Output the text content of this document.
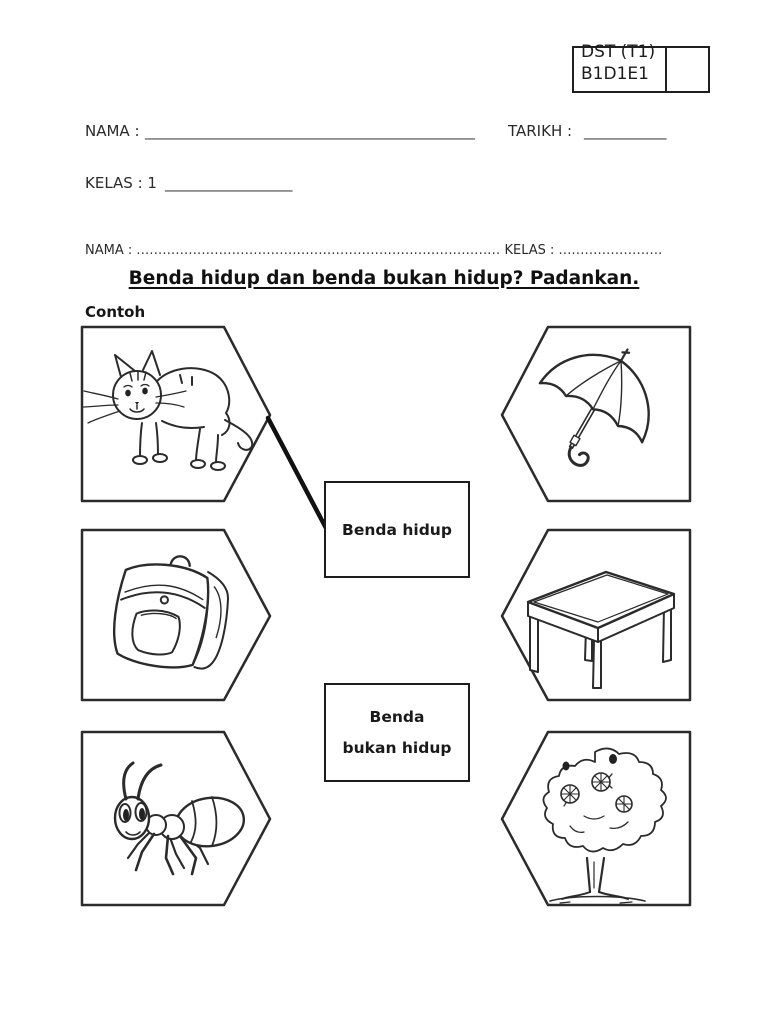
DST (T1)
B1D1E1
NAMA : ____________________________________________ TARIKH : ___________
KELAS : 1 _________________
NAMA : .................................................................................... KELAS : ........................
Benda hidup dan benda bukan hidup? Padankan.
Contoh
Benda hidup
Benda
bukan hidup
